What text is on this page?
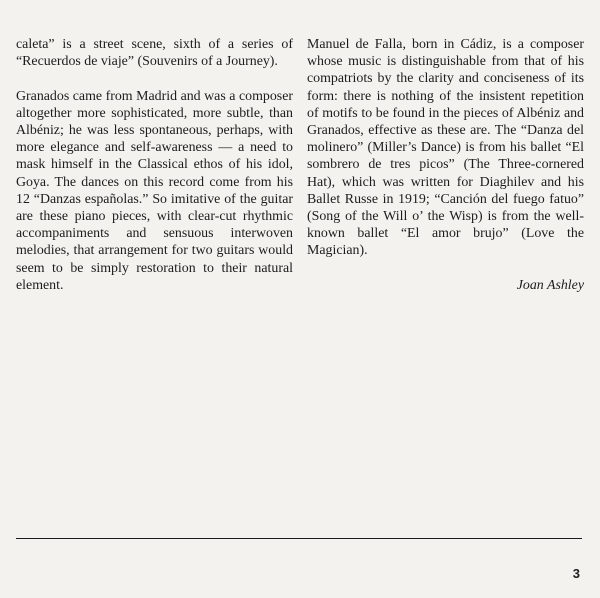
caleta” is a street scene, sixth of a series of “Recuerdos de viaje” (Souvenirs of a Journey).

Granados came from Madrid and was a composer altogether more sophisticated, more subtle, than Albéniz; he was less spontaneous, perhaps, with more elegance and self-awareness — a need to mask himself in the Classical ethos of his idol, Goya. The dances on this record come from his 12 “Danzas españolas.” So imitative of the guitar are these piano pieces, with clear-cut rhythmic accompaniments and sensuous interwoven melodies, that arrangement for two guitars would seem to be simply restoration to their natural element.

Manuel de Falla, born in Cádiz, is a composer whose music is distinguishable from that of his compatriots by the clarity and conciseness of its form: there is nothing of the insistent repetition of motifs to be found in the pieces of Albéniz and Granados, effective as these are. The “Danza del molinero” (Miller’s Dance) is from his ballet “El sombrero de tres picos” (The Three-cornered Hat), which was written for Diaghilev and his Ballet Russe in 1919; “Canción del fuego fatuo” (Song of the Will o’ the Wisp) is from the well-known ballet “El amor brujo” (Love the Magician).

Joan Ashley
3
